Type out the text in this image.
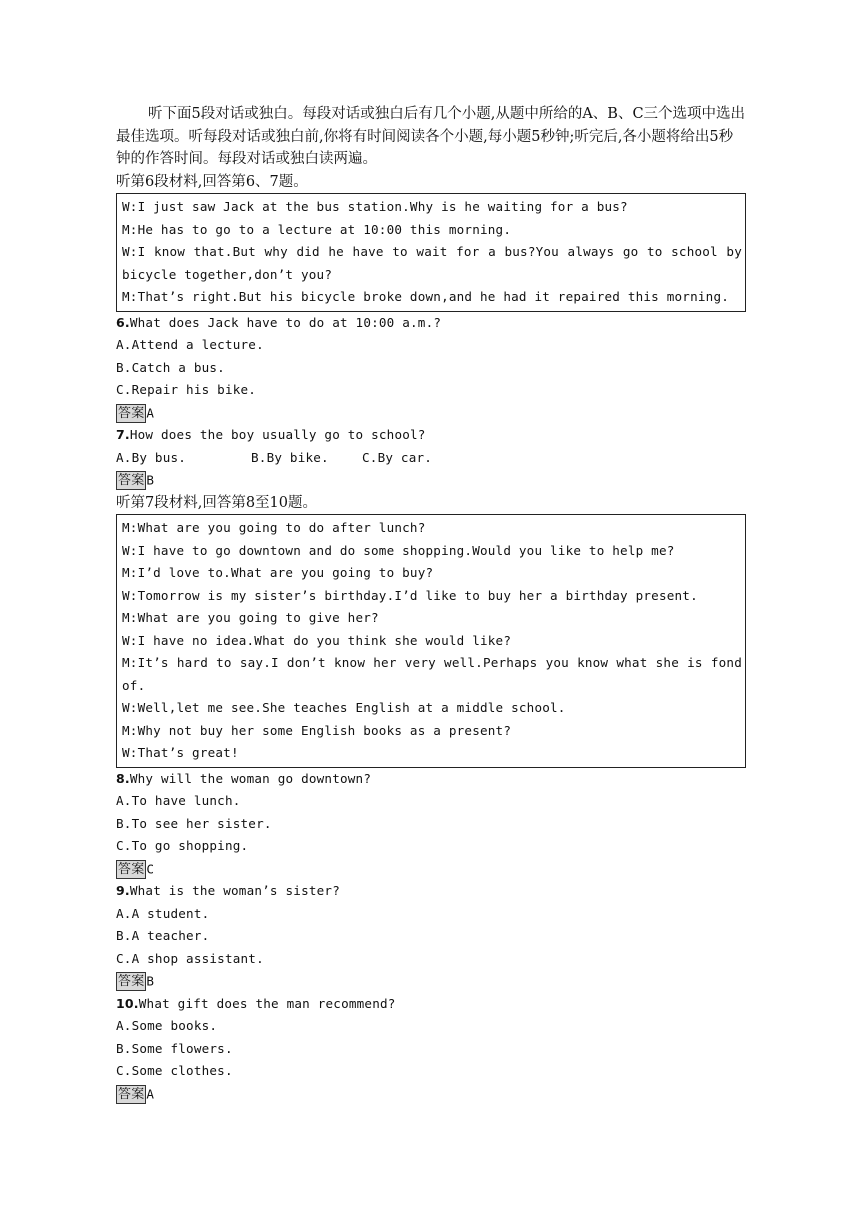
听下面5段对话或独白。每段对话或独白后有几个小题,从题中所给的A、B、C三个选项中选出最佳选项。听每段对话或独白前,你将有时间阅读各个小题,每小题5秒钟;听完后,各小题将给出5秒钟的作答时间。每段对话或独白读两遍。

听第6段材料,回答第6、7题。

W:I just saw Jack at the bus station.Why is he waiting for a bus?

M:He has to go to a lecture at 10:00 this morning.

W:I know that.But why did he have to wait for a bus?You always go to school by bicycle together,don’t you?

M:That’s right.But his bicycle broke down,and he had it repaired this morning.

6.What does Jack have to do at 10:00 a.m.?

A.Attend a lecture.

B.Catch a bus.

C.Repair his bike.

答案 A

7.How does the boy usually go to school?

A.By bus.	B.By bike.	C.By car.

答案 B

听第7段材料,回答第8至10题。

M:What are you going to do after lunch?

W:I have to go downtown and do some shopping.Would you like to help me?

M:I’d love to.What are you going to buy?

W:Tomorrow is my sister’s birthday.I’d like to buy her a birthday present.

M:What are you going to give her?

W:I have no idea.What do you think she would like?

M:It’s hard to say.I don’t know her very well.Perhaps you know what she is fond of.

W:Well,let me see.She teaches English at a middle school.

M:Why not buy her some English books as a present?

W:That’s great!

8.Why will the woman go downtown?

A.To have lunch.

B.To see her sister.

C.To go shopping.

答案 C

9.What is the woman’s sister?

A.A student.

B.A teacher.

C.A shop assistant.

答案 B

10.What gift does the man recommend?

A.Some books.

B.Some flowers.

C.Some clothes.

答案 A
